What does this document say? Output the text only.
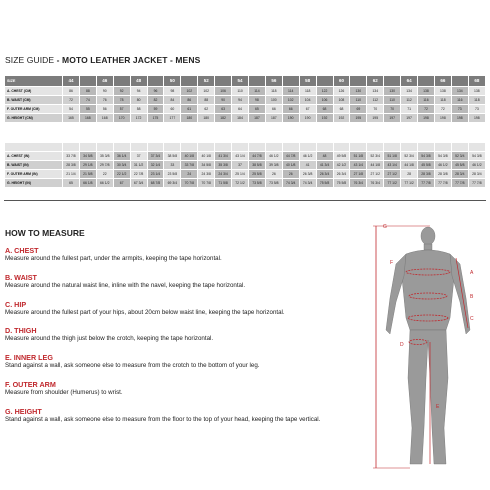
SIZE GUIDE - MOTO LEATHER JACKET - MENS
SIZE	44		46		48		50		52		54		56		58		60		62		64		66		68
A. CHEST (CM)	86	88	90	92	94	96	98	102	102	106	110	114	118	114	118	122	126	130	134	130	134	138	138	134	138
B. WAIST (CM)	72	74	76	78	80	82	84	86	88	90	94	98	100	102	104	106	108	110	112	110	112	116	118	116	118
F. OUTER ARM (CM)	54	55	56	57	58	59	60	61	62	63	64	65	66	66	67	68	68	69	70	70	71	72	72	73	73
G. HEIGHT (CM)	165	168	168	170	172	175	177	180	180	182	184	187	187	190	190	192	192	195	195	197	197	198	198	198	198

A. CHEST (IN)	33 7/8	34 5/8	35 3/8	36 1/4	37	37 3/4	38 5/8	40 1/8	40 1/8	41 3/4	43 1/4	44 7/8	46 1/2	44 7/8	46 1/2	48	49 5/8	51 1/8	52 3/4	51 1/8	52 3/4	54 3/8	54 3/8	52 3/4	54 3/8
B. WAIST (IN)	28 3/8	29 1/8	29 7/8	30 3/4	31 1/2	32 1/4	33	33 7/8	34 5/8	35 3/8	37	38 5/8	39 3/8	40 1/8	41	41 3/4	42 1/2	43 1/4	44 1/8	43 1/4	44 1/8	45 5/8	46 1/2	45 5/8	46 1/2
F. OUTER ARM (IN)	21 1/4	21 5/8	22	22 1/2	22 7/8	23 1/4	23 5/8	24	24 3/8	24 3/4	25 1/4	25 5/8	26	26	26 3/8	26 3/4	26 3/4	27 1/8	27 1/2	27 1/2	28	28 3/8	28 3/8	28 3/4	28 3/4
G. HEIGHT (IN)	65	66 1/8	66 1/2	67	67 3/4	68 7/8	69 3/4	70 7/8	70 7/8	71 5/8	72 1/2	73 5/8	73 5/8	74 3/4	74 3/4	75 5/8	75 5/8	76 3/4	76 3/4	77 1/2	77 1/2	77 7/8	77 7/8	77 7/8	77 7/8
HOW TO MEASURE
A. CHEST
Measure around the fullest part, under the armpits, keeping the tape horizontal.
B. WAIST
Measure around the natural waist line, inline with the navel, keeping the tape horizontal.
C. HIP
Measure around the fullest part of your hips, about 20cm below waist line, keeping the tape horizontal.
D. THIGH
Measure around the thigh just below the crotch, keeping the tape horizontal.
E. INNER LEG
Stand against a wall, ask someone else to measure from the crotch to the bottom of your leg.
F. OUTER ARM
Measure from shoulder (Humerus) to wrist.
G. HEIGHT
Stand against a wall, ask someone else to measure from the floor to the top of your head, keeping the tape vertical.
G
F
A
B
C
D
E
